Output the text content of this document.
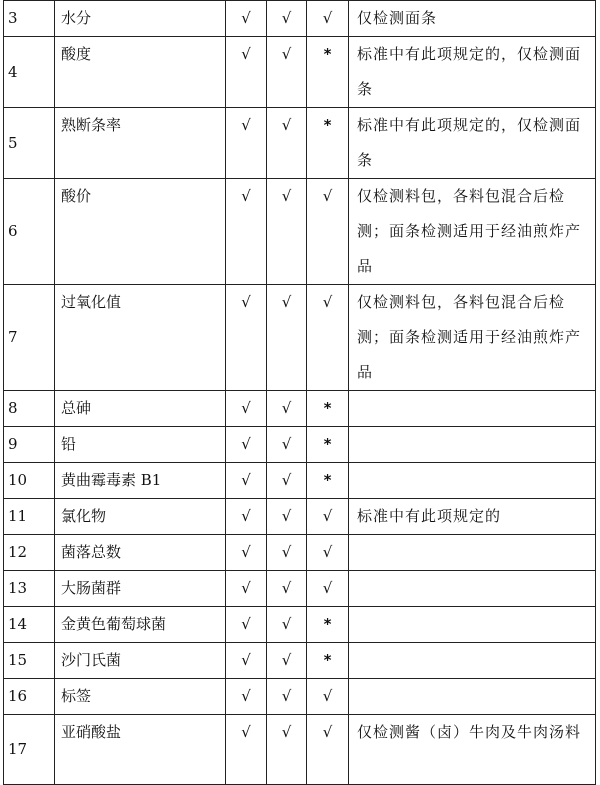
3	水分	√	√	√	仅检测面条
4	酸度	√	√	*	标准中有此项规定的，仅检测面条
5	熟断条率	√	√	*	标准中有此项规定的，仅检测面条
6	酸价	√	√	√	仅检测料包，各料包混合后检测；面条检测适用于经油煎炸产品
7	过氧化值	√	√	√	仅检测料包，各料包混合后检测；面条检测适用于经油煎炸产品
8	总砷	√	√	*	
9	铅	√	√	*	
10	黄曲霉毒素 B1	√	√	*	
11	氯化物	√	√	√	标准中有此项规定的
12	菌落总数	√	√	√	
13	大肠菌群	√	√	√	
14	金黄色葡萄球菌	√	√	*	
15	沙门氏菌	√	√	*	
16	标签	√	√	√	
17	亚硝酸盐	√	√	√	仅检测酱（卤）牛肉及牛肉汤料
